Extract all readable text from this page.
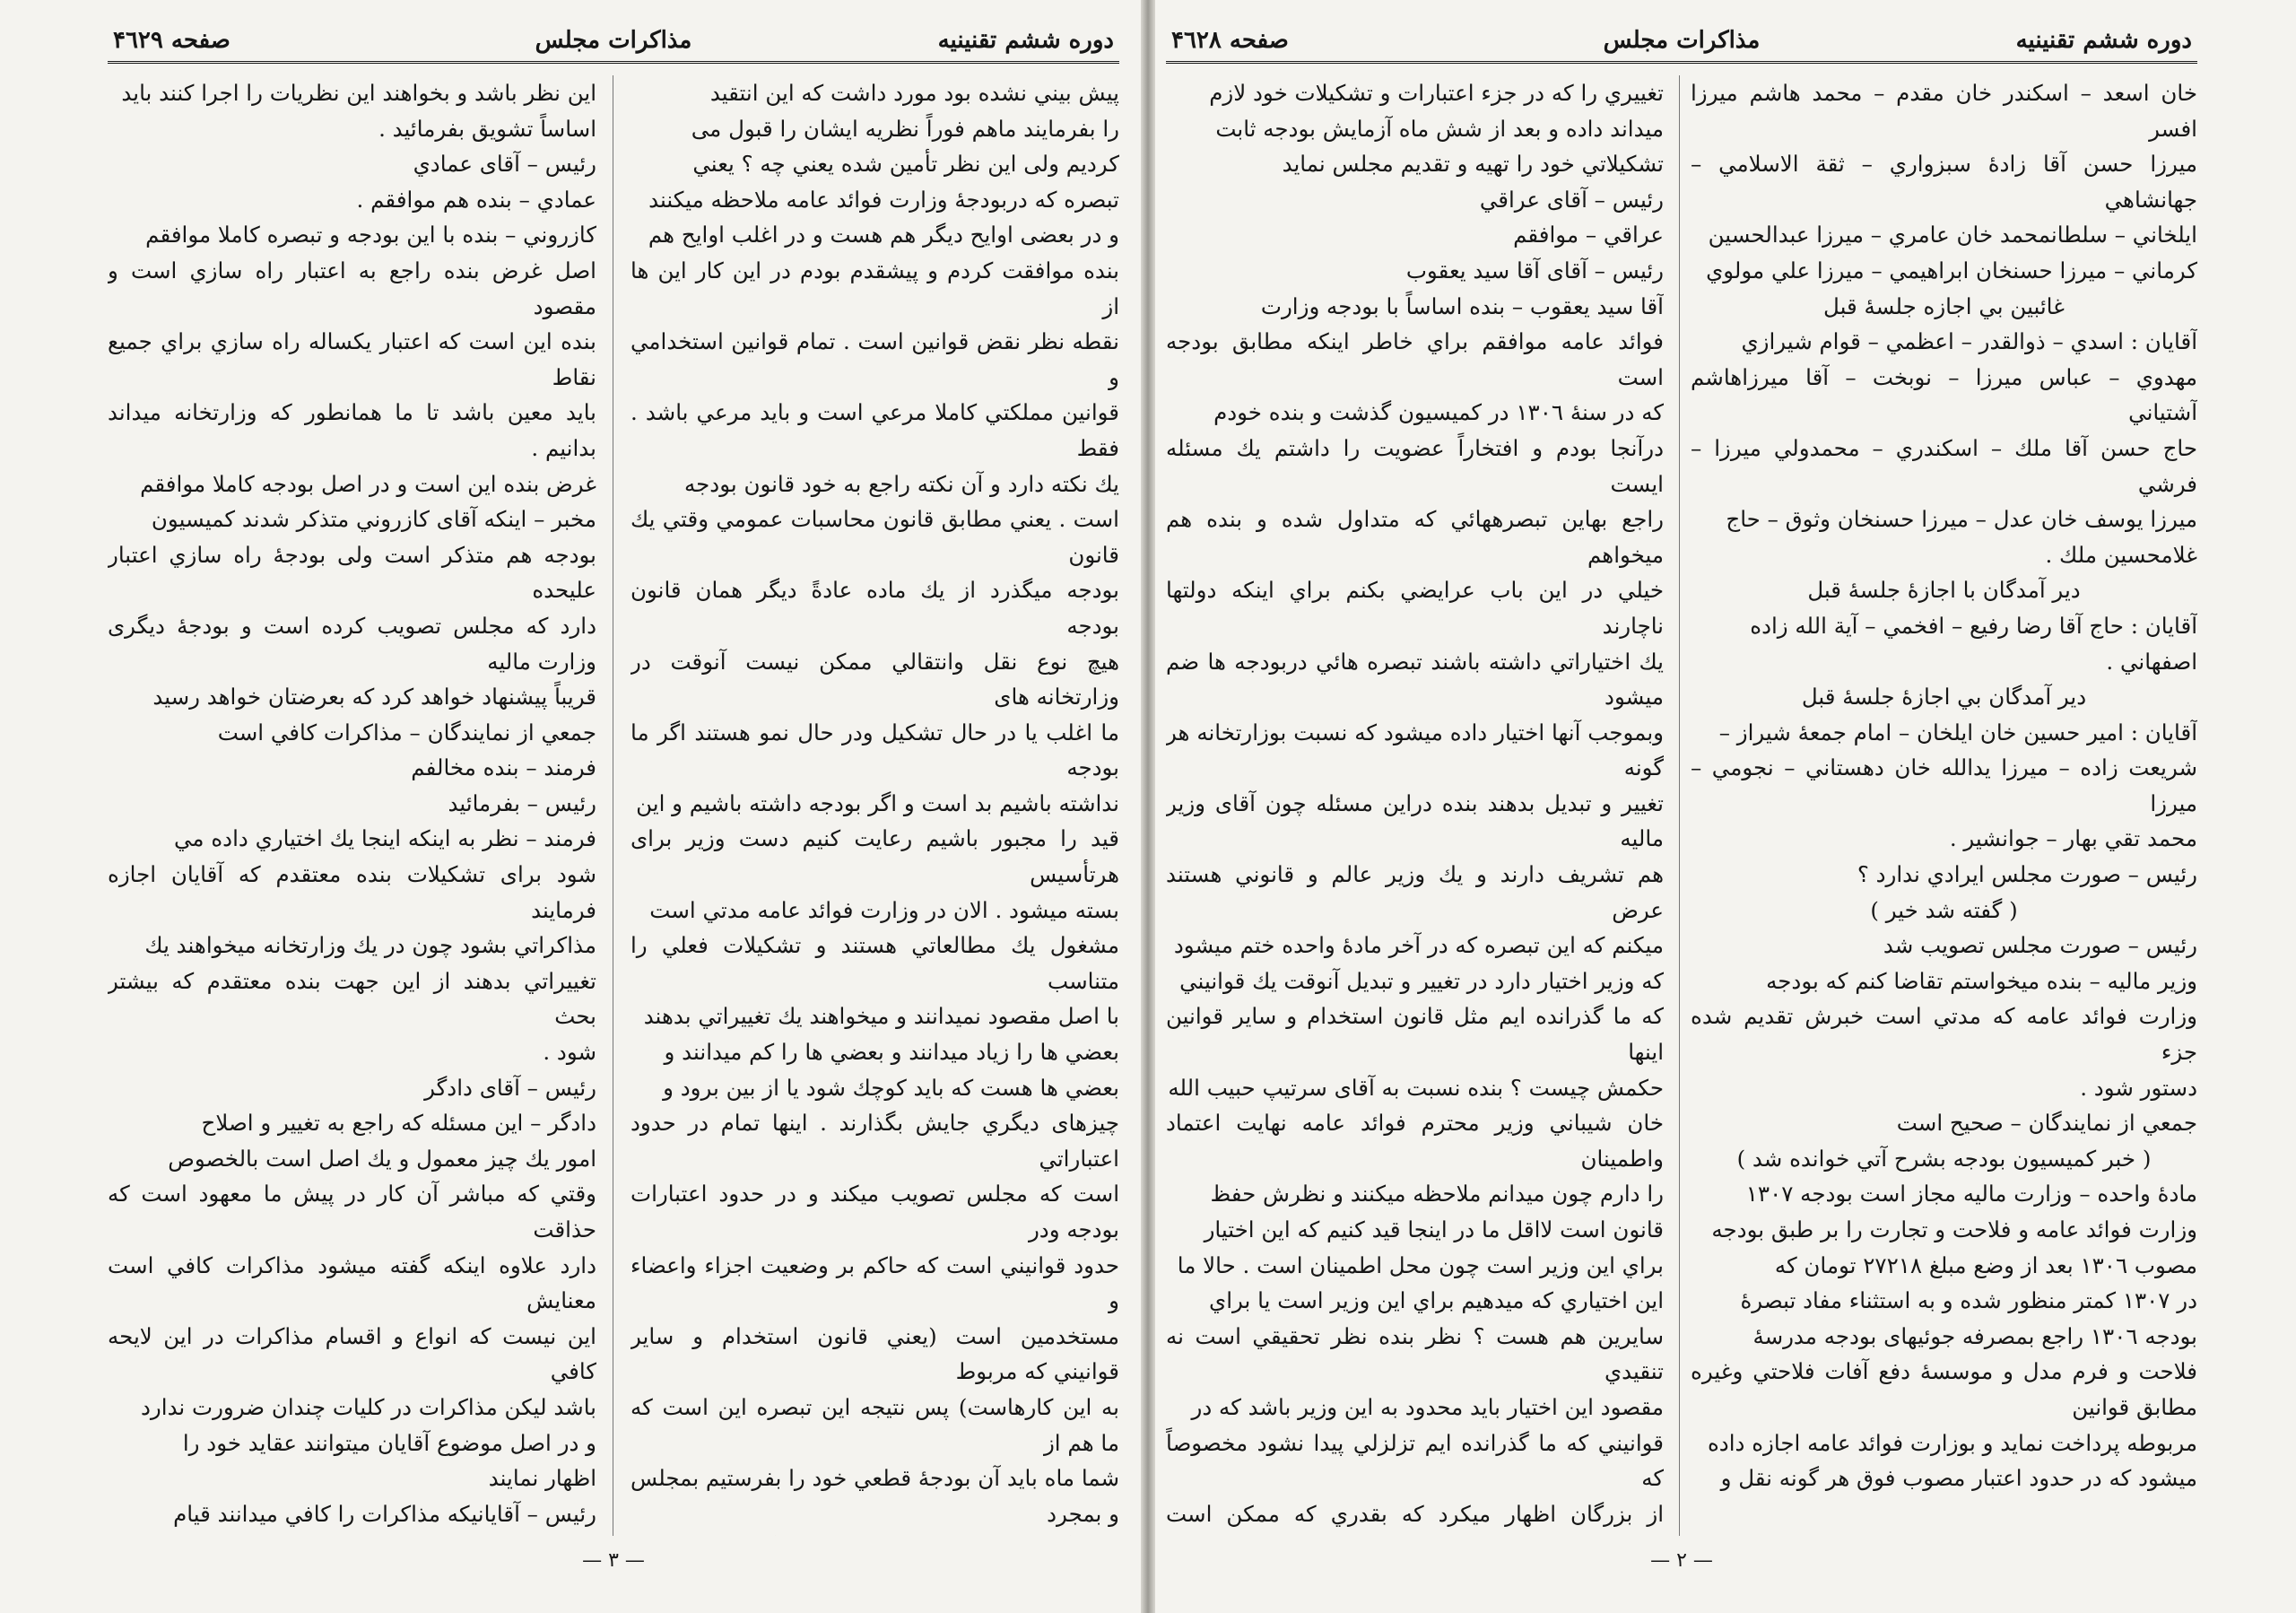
صفحه ۴٦٢٩	مذاكرات مجلس	دوره ششم تقنينيه

پيش بيني نشده بود مورد داشت كه اين انتقيد

را بفرمايند ماهم فوراً نظريه ايشان را قبول مى

كرديم ولى اين نظر تأمين شده يعني چه ؟ يعني

تبصره كه دربودجهٔ وزارت فوائد عامه ملاحظه ميكنند

و در بعضى اوايح ديگر هم هست و در اغلب اوايح هم

بنده موافقت كردم و پيشقدم بودم در اين كار اين ها از

نقطه نظر نقض قوانين است . تمام قوانين استخدامي و

قوانين مملكتي كاملا مرعي است و بايد مرعي باشد . فقط

يك نكته دارد و آن نكته راجع به خود قانون بودجه

است . يعني مطابق قانون محاسبات عمومي وقتي يك قانون

بودجه ميگذرد از يك ماده عادةً ديگر همان قانون بودجه

هيچ نوع نقل وانتقالي ممكن نيست آنوقت در وزارتخانه هاى

ما اغلب يا در حال تشكيل ودر حال نمو هستند اگر ما بودجه

نداشته باشيم بد است و اگر بودجه داشته باشيم و اين

قيد را مجبور باشيم رعايت كنيم دست وزير براى هرتأسيس

بسته ميشود . الان در وزارت فوائد عامه مدتي است

مشغول يك مطالعاتي هستند و تشكيلات فعلي را متناسب

با اصل مقصود نميدانند و ميخواهند يك تغييراتي بدهند

بعضي ها را زياد ميدانند و بعضي ها را كم ميدانند و

بعضي ها هست كه بايد كوچك شود يا از بين برود و

چيزهاى ديگري جايش بگذارند . اينها تمام در حدود اعتباراتي

است كه مجلس تصويب ميكند و در حدود اعتبارات بودجه ودر

حدود قوانيني است كه حاكم بر وضعيت اجزاء واعضاء و

مستخدمين است (يعني قانون استخدام و ساير قوانيني كه مربوط

به اين كارهاست) پس نتيجه اين تبصره اين است كه ما هم از

شما ماه بايد آن بودجهٔ قطعي خود را بفرستيم بمجلس و بمجرد

اين نظر باشد و بخواهند اين نظريات را اجرا كنند بايد

اساساً تشويق بفرمائيد .

رئيس – آقاى عمادي

عمادي – بنده هم موافقم .

كازروني – بنده با اين بودجه و تبصره كاملا موافقم

اصل غرض بنده راجع به اعتبار راه سازي است و مقصود

بنده اين است كه اعتبار يكساله راه سازي براي جميع نقاط

بايد معين باشد تا ما همانطور كه وزارتخانه ميداند بدانيم .

غرض بنده اين است و در اصل بودجه كاملا موافقم

مخبر – اينكه آقاى كازروني متذكر شدند كميسيون

بودجه هم متذكر است ولى بودجهٔ راه سازي اعتبار عليحده

دارد كه مجلس تصويب كرده است و بودجهٔ ديگرى وزارت ماليه

قريباً پيشنهاد خواهد كرد كه بعرضتان خواهد رسيد

جمعي از نمايندگان – مذاكرات كافي است

فرمند – بنده مخالفم

رئيس – بفرمائيد

فرمند – نظر به اينكه اينجا يك اختياري داده مي

شود براى تشكيلات بنده معتقدم كه آقايان اجازه فرمايند

مذاكراتي بشود چون در يك وزارتخانه ميخواهند يك

تغييراتي بدهند از اين جهت بنده معتقدم كه بيشتر بحث

شود .

رئيس – آقاى دادگر

دادگر – اين مسئله كه راجع به تغيير و اصلاح

امور يك چيز معمول و يك اصل است بالخصوص

وقتي كه مباشر آن كار در پيش ما معهود است كه حذاقت

دارد علاوه اينكه گفته ميشود مذاكرات كافي است معنايش

اين نيست كه انواع و اقسام مذاكرات در اين لايحه كافي

باشد ليكن مذاكرات در كليات چندان ضرورت ندارد

و در اصل موضوع آقايان ميتوانند عقايد خود را

اظهار نمايند

رئيس – آقايانيكه مذاكرات را كافي ميدانند قيام

— ٣ —
صفحه ۴٦٢٨	مذاكرات مجلس	دوره ششم تقنينيه

خان اسعد – اسكندر خان مقدم – محمد هاشم ميرزا افسر

ميرزا حسن آقا زادهٔ سبزواري – ثقة الاسلامي – جهانشاهي

ايلخاني – سلطانمحمد خان عامري – ميرزا عبدالحسين

كرماني – ميرزا حسنخان ابراهيمي – ميرزا علي مولوي

غائبين بي اجازه جلسهٔ قبل

آقايان : اسدي – ذوالقدر – اعظمي – قوام شيرازي

مهدوي – عباس ميرزا – نوبخت – آقا ميرزاهاشم آشتياني

حاج حسن آقا ملك – اسكندري – محمدولي ميرزا – فرشي

ميرزا يوسف خان عدل – ميرزا حسنخان وثوق – حاج

غلامحسين ملك .

دير آمدگان با اجازهٔ جلسهٔ قبل

آقايان : حاج آقا رضا رفيع – افخمي – آية الله زاده

اصفهاني .

دير آمدگان بي اجازهٔ جلسهٔ قبل

آقايان : امير حسين خان ايلخان – امام جمعهٔ شيراز –

شريعت زاده – ميرزا يدالله خان دهستاني – نجومي – ميرزا

محمد تقي بهار – جوانشير .

رئيس – صورت مجلس ايرادي ندارد ؟

( گفته شد خير )

رئيس – صورت مجلس تصويب شد

وزير ماليه – بنده ميخواستم تقاضا كنم كه بودجه

وزارت فوائد عامه كه مدتي است خبرش تقديم شده جزء

دستور شود .

جمعي از نمايندگان – صحيح است

( خبر كميسيون بودجه بشرح آتي خوانده شد )

مادهٔ واحده – وزارت ماليه مجاز است بودجه ١٣٠٧

وزارت فوائد عامه و فلاحت و تجارت را بر طبق بودجه

مصوب ١٣٠٦ بعد از وضع مبلغ ٢٧٢١٨ تومان كه

در ١٣٠٧ كمتر منظور شده و به استثناء مفاد تبصرهٔ

بودجه ١٣٠٦ راجع بمصرفه جوئيهاى بودجه مدرسهٔ

فلاحت و فرم مدل و موسسهٔ دفع آفات فلاحتي وغيره مطابق قوانين

مربوطه پرداخت نمايد و بوزارت فوائد عامه اجازه داده

ميشود كه در حدود اعتبار مصوب فوق هر گونه نقل و

تغييري را كه در جزء اعتبارات و تشكيلات خود لازم

ميداند داده و بعد از شش ماه آزمايش بودجه ثابت

تشكيلاتي خود را تهيه و تقديم مجلس نمايد

رئيس – آقاى عراقي

عراقي – موافقم

رئيس – آقاى آقا سيد يعقوب

آقا سيد يعقوب – بنده اساساً با بودجه وزارت

فوائد عامه موافقم براي خاطر اينكه مطابق بودجه است

كه در سنهٔ ١٣٠٦ در كميسيون گذشت و بنده خودم

درآنجا بودم و افتخاراً عضويت را داشتم يك مسئله ايست

راجع بهاين تبصرههائي كه متداول شده و بنده هم ميخواهم

خيلي در اين باب عرايضي بكنم براي اينكه دولتها ناچارند

يك اختياراتي داشته باشند تبصره هائي دربودجه ها ضم ميشود

وبموجب آنها اختيار داده ميشود كه نسبت بوزارتخانه هر گونه

تغيير و تبديل بدهند بنده دراين مسئله چون آقاى وزير ماليه

هم تشريف دارند و يك وزير عالم و قانوني هستند عرض

ميكنم كه اين تبصره كه در آخر مادهٔ واحده ختم ميشود

كه وزير اختيار دارد در تغيير و تبديل آنوقت يك قوانيني

كه ما گذرانده ايم مثل قانون استخدام و ساير قوانين اينها

حكمش چيست ؟ بنده نسبت به آقاى سرتيپ حبيب الله

خان شيباني وزير محترم فوائد عامه نهايت اعتماد واطمينان

را دارم چون ميدانم ملاحظه ميكنند و نظرش حفظ

قانون است لااقل ما در اينجا قيد كنيم كه اين اختيار

براي اين وزير است چون محل اطمينان است . حالا ما

اين اختياري كه ميدهيم براي اين وزير است يا براي

سايرين هم هست ؟ نظر بنده نظر تحقيقي است نه تنقيدي

مقصود اين اختيار بايد محدود به اين وزير باشد كه در

قوانيني كه ما گذرانده ايم تزلزلي پيدا نشود مخصوصاً كه

از بزرگان اظهار ميكرد كه بقدري كه ممكن است

— ٢ —
